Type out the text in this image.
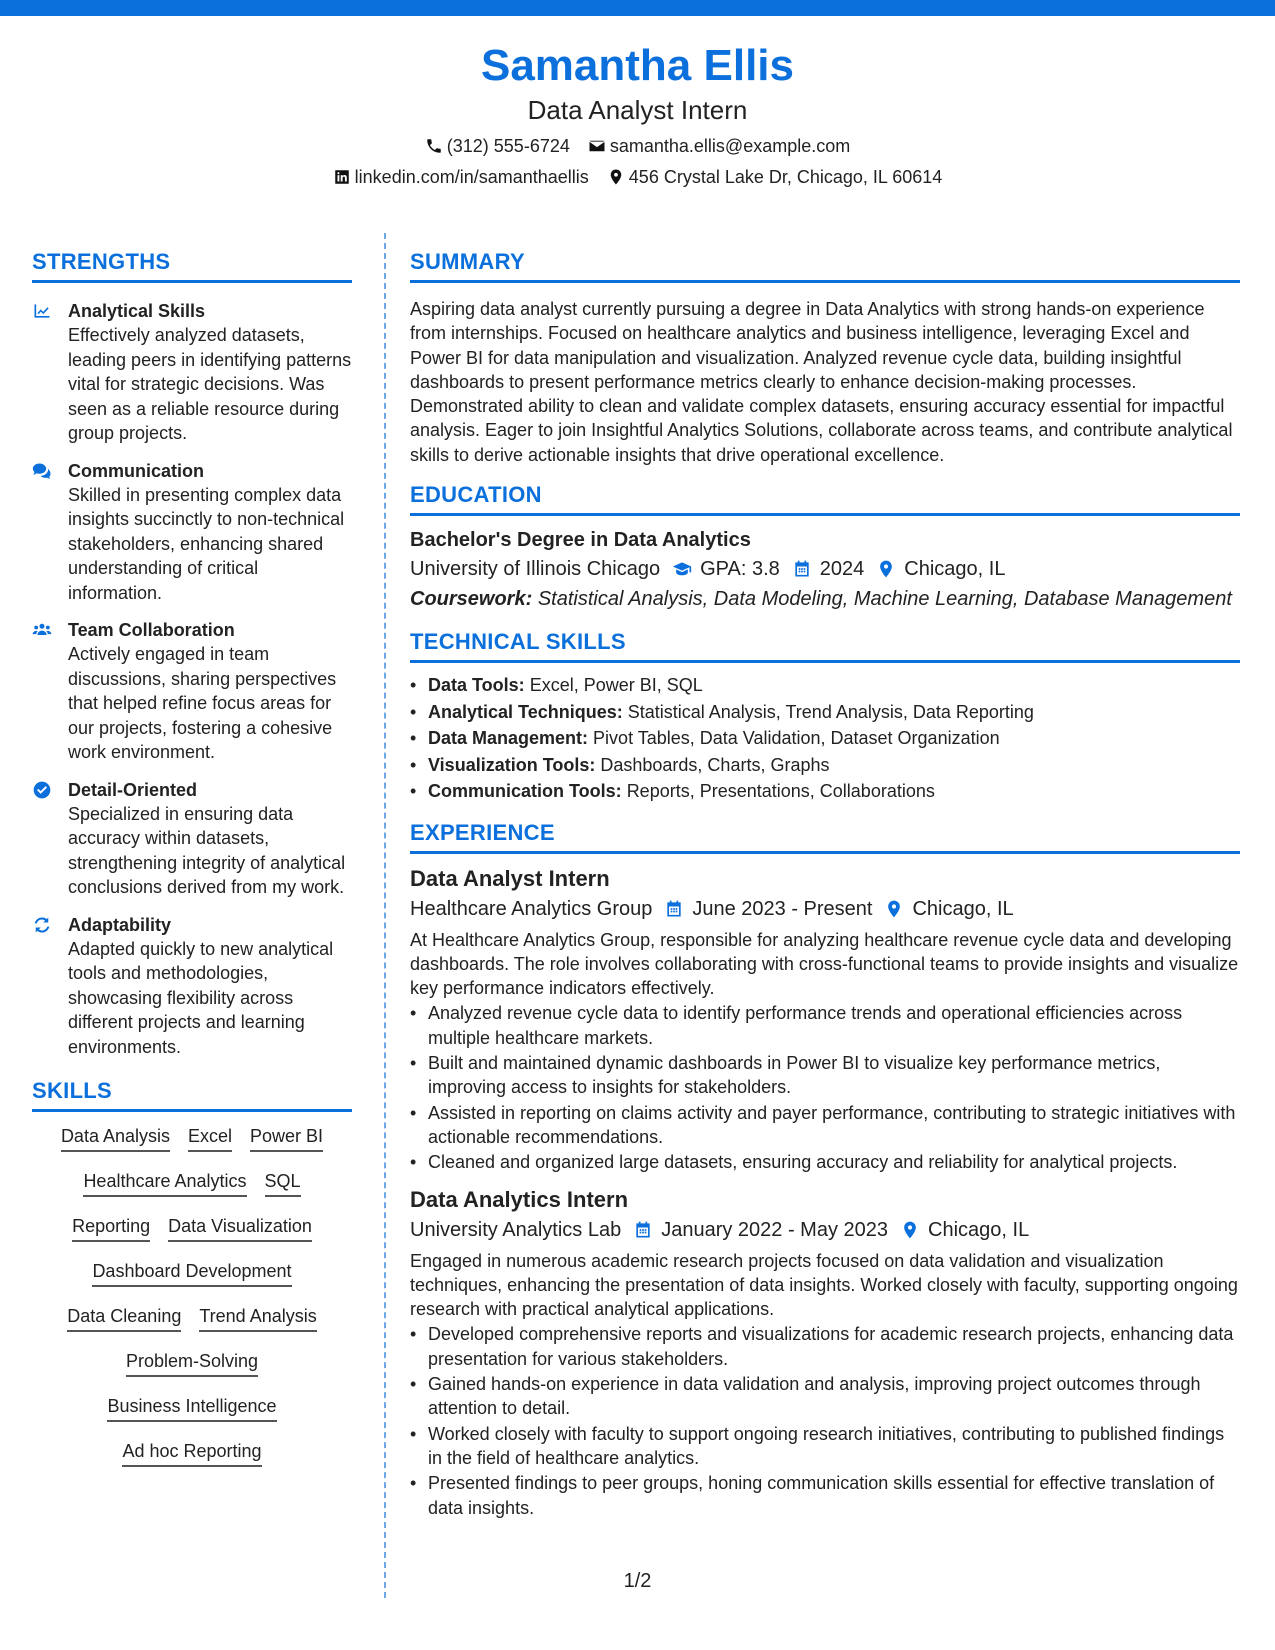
Samantha Ellis
Data Analyst Intern
(312) 555-6724 samantha.ellis@example.com
linkedin.com/in/samanthaellis 456 Crystal Lake Dr, Chicago, IL 60614
STRENGTHS
Analytical Skills
Effectively analyzed datasets, leading peers in identifying patterns vital for strategic decisions. Was seen as a reliable resource during group projects.
Communication
Skilled in presenting complex data insights succinctly to non-technical stakeholders, enhancing shared understanding of critical information.
Team Collaboration
Actively engaged in team discussions, sharing perspectives that helped refine focus areas for our projects, fostering a cohesive work environment.
Detail-Oriented
Specialized in ensuring data accuracy within datasets, strengthening integrity of analytical conclusions derived from my work.
Adaptability
Adapted quickly to new analytical tools and methodologies, showcasing flexibility across different projects and learning environments.
SKILLS
Data Analysis Excel Power BI
Healthcare Analytics SQL
Reporting Data Visualization
Dashboard Development
Data Cleaning Trend Analysis
Problem-Solving
Business Intelligence
Ad hoc Reporting
SUMMARY
Aspiring data analyst currently pursuing a degree in Data Analytics with strong hands-on experience from internships. Focused on healthcare analytics and business intelligence, leveraging Excel and Power BI for data manipulation and visualization. Analyzed revenue cycle data, building insightful dashboards to present performance metrics clearly to enhance decision-making processes. Demonstrated ability to clean and validate complex datasets, ensuring accuracy essential for impactful analysis. Eager to join Insightful Analytics Solutions, collaborate across teams, and contribute analytical skills to derive actionable insights that drive operational excellence.
EDUCATION
Bachelor's Degree in Data Analytics
University of Illinois Chicago GPA: 3.8 2024 Chicago, IL
Coursework: Statistical Analysis, Data Modeling, Machine Learning, Database Management
TECHNICAL SKILLS
• Data Tools: Excel, Power BI, SQL
• Analytical Techniques: Statistical Analysis, Trend Analysis, Data Reporting
• Data Management: Pivot Tables, Data Validation, Dataset Organization
• Visualization Tools: Dashboards, Charts, Graphs
• Communication Tools: Reports, Presentations, Collaborations
EXPERIENCE
Data Analyst Intern
Healthcare Analytics Group June 2023 - Present Chicago, IL
At Healthcare Analytics Group, responsible for analyzing healthcare revenue cycle data and developing dashboards. The role involves collaborating with cross-functional teams to provide insights and visualize key performance indicators effectively.
• Analyzed revenue cycle data to identify performance trends and operational efficiencies across multiple healthcare markets.
• Built and maintained dynamic dashboards in Power BI to visualize key performance metrics, improving access to insights for stakeholders.
• Assisted in reporting on claims activity and payer performance, contributing to strategic initiatives with actionable recommendations.
• Cleaned and organized large datasets, ensuring accuracy and reliability for analytical projects.
Data Analytics Intern
University Analytics Lab January 2022 - May 2023 Chicago, IL
Engaged in numerous academic research projects focused on data validation and visualization techniques, enhancing the presentation of data insights. Worked closely with faculty, supporting ongoing research with practical analytical applications.
• Developed comprehensive reports and visualizations for academic research projects, enhancing data presentation for various stakeholders.
• Gained hands-on experience in data validation and analysis, improving project outcomes through attention to detail.
• Worked closely with faculty to support ongoing research initiatives, contributing to published findings in the field of healthcare analytics.
• Presented findings to peer groups, honing communication skills essential for effective translation of data insights.
1/2
